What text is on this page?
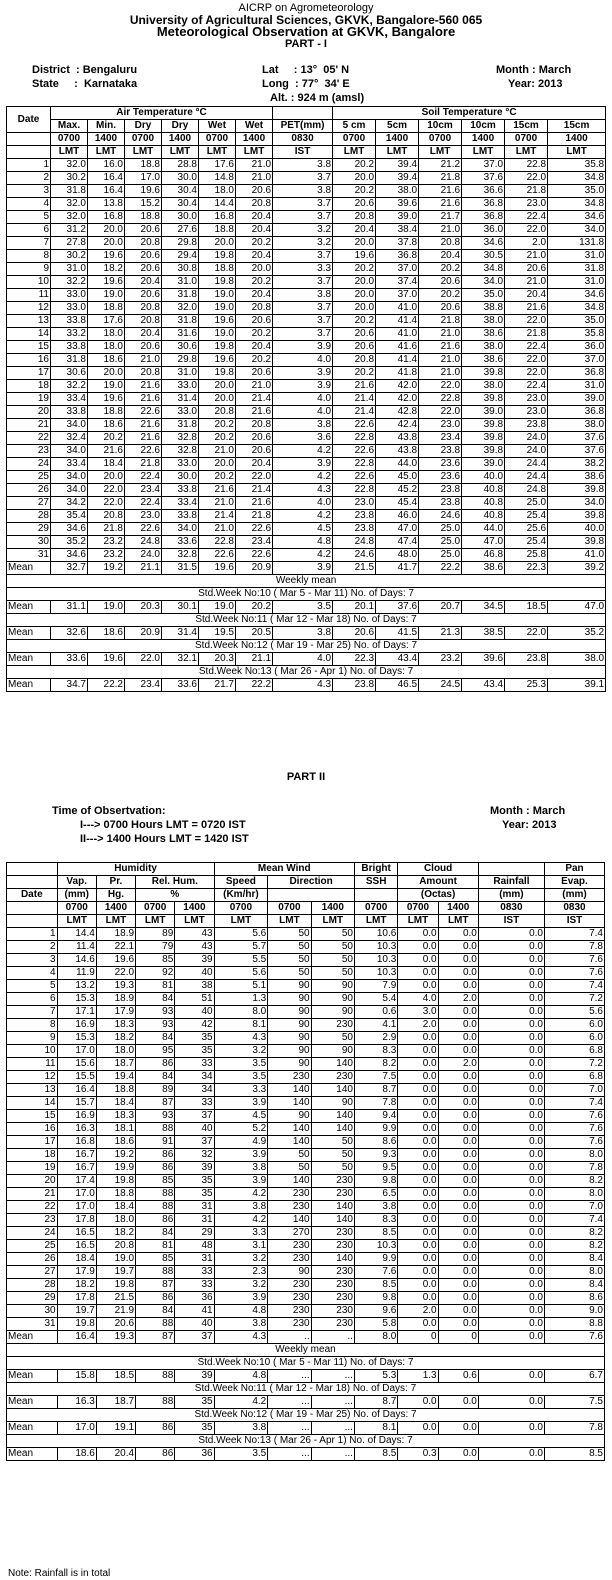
AICRP on Agrometeorology
University of Agricultural Sciences, GKVK, Bangalore-560 065
Meteorological Observation at GKVK, Bangalore
PART - I
District  : Bengaluru
State     :  Karnataka
Lat     : 13°  05' N
Long  : 77°  34' E
Alt. : 924 m (amsl)
Month : March
Year: 2013
Date	Air Temperature °C							Soil Temperature °C					
	Max.	Min.	Dry	Dry	Wet	Wet	PET(mm)	5 cm	5cm	10cm	10cm	15cm	15cm
	0700	1400	0700	1400	0700	1400	0830	0700	1400	0700	1400	0700	1400
	LMT	LMT	LMT	LMT	LMT	LMT	IST	LMT	LMT	LMT	LMT	LMT	LMT
1	32.0	16.0	18.8	28.8	17.6	21.0	3.8	20.2	39.4	21.2	37.0	22.8	35.8
2	30.2	16.4	17.0	30.0	14.8	21.0	3.7	20.0	39.4	21.8	37.6	22.0	34.8
3	31.8	16.4	19.6	30.4	18.0	20.6	3.8	20.2	38.0	21.6	36.6	21.8	35.0
4	32.0	13.8	15.2	30.4	14.4	20.8	3.7	20.6	39.6	21.6	36.8	23.0	34.8
5	32.0	16.8	18.8	30.0	16.8	20.4	3.7	20.8	39.0	21.7	36.8	22.4	34.6
6	31.2	20.0	20.6	27.6	18.8	20.4	3.2	20.4	38.4	21.0	36.0	22.0	34.0
7	27.8	20.0	20.8	29.8	20.0	20.2	3.2	20.0	37.8	20.8	34.6	2.0	131.8
8	30.2	19.6	20.6	29.4	19.8	20.4	3.7	19.6	36.8	20.4	30.5	21.0	31.0
9	31.0	18.2	20.6	30.8	18.8	20.0	3.3	20.2	37.0	20.2	34.8	20.6	31.8
10	32.2	19.6	20.4	31.0	19.8	20.2	3.7	20.0	37.4	20.6	34.0	21.0	31.0
11	33.0	19.0	20.6	31.8	19.0	20.4	3.8	20.0	37.0	20.2	35.0	20.4	34.6
12	33.0	18.8	20.8	32.0	19.0	20.8	3.7	20.0	41.0	20.6	38.8	21.6	34.8
13	33.8	17.6	20.8	31.8	19.6	20.6	3.7	20.2	41.4	21.8	38.0	22.0	35.0
14	33.2	18.0	20.4	31.6	19.0	20.2	3.7	20.6	41.0	21.0	38.6	21.8	35.8
15	33.8	18.0	20.6	30.6	19.8	20.4	3.9	20.6	41.6	21.6	38.0	22.4	36.0
16	31.8	18.6	21.0	29.8	19.6	20.2	4.0	20.8	41.4	21.0	38.6	22.0	37.0
17	30.6	20.0	20.8	31.0	19.8	20.6	3.9	20.2	41.8	21.0	39.8	22.0	36.8
18	32.2	19.0	21.6	33.0	20.0	21.0	3.9	21.6	42.0	22.0	38.0	22.4	31.0
19	33.4	19.6	21.6	31.4	20.0	21.4	4.0	21.4	42.0	22.8	39.8	23.0	39.0
20	33.8	18.8	22.6	33.0	20.8	21.6	4.0	21.4	42.8	22.0	39.0	23.0	36.8
21	34.0	18.6	21.6	31.8	20.2	20.8	3.8	22.6	42.4	23.0	39.8	23.8	38.0
22	32.4	20.2	21.6	32.8	20.2	20.6	3.6	22.8	43.8	23.4	39.8	24.0	37.6
23	34.0	21.6	22.6	32.8	21.0	20.6	4.2	22.6	43.8	23.8	39.8	24.0	37.6
24	33.4	18.4	21.8	33.0	20.0	20.4	3.9	22.8	44.0	23.6	39.0	24.4	38.2
25	34.0	20.0	22.4	30.0	20.2	22.0	4.2	22.6	45.0	23.6	40.0	24.4	38.6
26	34.0	22.0	23.4	33.8	21.6	21.4	4.3	22.8	45.2	23.8	40.8	24.8	39.8
27	34.2	22.0	22.4	33.4	21.0	21.6	4.0	23.0	45.4	23.8	40.8	25.0	34.0
28	35.4	20.8	23.0	33.8	21.4	21.8	4.2	23.8	46.0	24.6	40.8	25.4	39.8
29	34.6	21.8	22.6	34.0	21.0	22.6	4.5	23.8	47.0	25.0	44.0	25.6	40.0
30	35.2	23.2	24.8	33.6	22.8	23.4	4.8	24.8	47.4	25.0	47.0	25.4	39.8
31	34.6	23.2	24.0	32.8	22.6	22.6	4.2	24.6	48.0	25.0	46.8	25.8	41.0
Mean	32.7	19.2	21.1	31.5	19.6	20.9	3.9	21.5	41.7	22.2	38.6	22.3	39.2
Weekly mean													
Std.Week No:10 ( Mar 5 - Mar 11) No. of Days: 7													
Mean	31.1	19.0	20.3	30.1	19.0	20.2	3.5	20.1	37.6	20.7	34.5	18.5	47.0
Std.Week No:11 ( Mar 12 - Mar 18) No. of Days: 7													
Mean	32.6	18.6	20.9	31.4	19.5	20.5	3.8	20.6	41.5	21.3	38.5	22.0	35.2
Std.Week No:12 ( Mar 19 - Mar 25) No. of Days: 7													
Mean	33.6	19.6	22.0	32.1	20.3	21.1	4.0	22.3	43.4	23.2	39.6	23.8	38.0
Std.Week No:13 ( Mar 26 - Apr 1) No. of Days: 7													
Mean	34.7	22.2	23.4	33.6	21.7	22.2	4.3	23.8	46.5	24.5	43.4	25.3	39.1
PART II
Time of Obsertvation:
I---> 0700 Hours LMT = 0720 IST
II---> 1400 Hours LMT = 1420 IST
Month : March
Year: 2013
	Humidity				Mean Wind			Bright	Cloud			Pan
	Vap.	Pr.	Rel. Hum.		Speed	Direction		SSH	Amount		Rainfall	Evap.
Date	(mm)	Hg.	%		(Km/hr)				(Octas)		(mm)	(mm)
	0700	1400	0700	1400	0700	0700	1400	0700	0700	1400	0830	0830
	LMT	LMT	LMT	LMT	LMT	LMT	LMT	LMT	LMT	LMT	IST	IST
1	14.4	18.9	89	43	5.6	50	50	10.6	0.0	0.0	0.0	7.4
2	11.4	22.1	79	43	5.7	50	50	10.3	0.0	0.0	0.0	7.8
3	14.6	19.6	85	39	5.5	50	50	10.3	0.0	0.0	0.0	7.6
4	11.9	22.0	92	40	5.6	50	50	10.3	0.0	0.0	0.0	7.6
5	13.2	19.3	81	38	5.1	90	90	7.9	0.0	0.0	0.0	7.4
6	15.3	18.9	84	51	1.3	90	90	5.4	4.0	2.0	0.0	7.2
7	17.1	17.9	93	40	8.0	90	90	0.6	3.0	0.0	0.0	5.6
8	16.9	18.3	93	42	8.1	90	230	4.1	2.0	0.0	0.0	6.0
9	15.3	18.2	84	35	4.3	90	50	2.9	0.0	0.0	0.0	6.0
10	17.0	18.0	95	35	3.2	90	90	8.3	0.0	0.0	0.0	6.8
11	15.6	18.7	86	33	3.5	90	140	8.2	0.0	2.0	0.0	7.2
12	15.5	19.4	84	34	3.5	230	230	7.5	0.0	0.0	0.0	6.8
13	16.4	18.8	89	34	3.3	140	140	8.7	0.0	0.0	0.0	7.0
14	15.7	18.4	87	33	3.9	140	90	7.8	0.0	0.0	0.0	7.4
15	16.9	18.3	93	37	4.5	90	140	9.4	0.0	0.0	0.0	7.6
16	16.3	18.1	88	40	5.2	140	140	9.9	0.0	0.0	0.0	7.6
17	16.8	18.6	91	37	4.9	140	50	8.6	0.0	0.0	0.0	7.6
18	16.7	19.2	86	32	3.9	50	50	9.3	0.0	0.0	0.0	8.0
19	16.7	19.9	86	39	3.8	50	50	9.5	0.0	0.0	0.0	7.8
20	17.4	19.8	85	35	3.9	140	230	9.8	0.0	0.0	0.0	8.2
21	17.0	18.8	88	35	4.2	230	230	6.5	0.0	0.0	0.0	8.0
22	17.0	18.4	88	31	3.8	230	140	3.8	0.0	0.0	0.0	7.0
23	17.8	18.0	86	31	4.2	140	140	8.3	0.0	0.0	0.0	7.4
24	16.5	18.2	84	29	3.3	270	230	8.5	0.0	0.0	0.0	8.2
25	16.5	20.8	81	48	3.1	230	230	10.3	0.0	0.0	0.0	8.2
26	18.4	19.0	85	31	3.2	230	140	9.9	0.0	0.0	0.0	8.4
27	17.9	19.7	88	33	2.3	90	230	7.6	0.0	0.0	0.0	8.0
28	18.2	19.8	87	33	3.2	230	230	8.5	0.0	0.0	0.0	8.4
29	17.8	21.5	86	36	3.9	230	230	9.8	0.0	0.0	0.0	8.6
30	19.7	21.9	84	41	4.8	230	230	9.6	2.0	0.0	0.0	9.0
31	19.8	20.6	88	40	3.8	230	230	5.8	0.0	0.0	0.0	8.8
Mean	16.4	19.3	87	37	4.3	..	..	8.0	0	0	0.0	7.6
Weekly mean												
Std.Week No:10 ( Mar 5 - Mar 11) No. of Days: 7												
Mean	15.8	18.5	88	39	4.8	...	...	5.3	1.3	0.6	0.0	6.7
Std.Week No:11 ( Mar 12 - Mar 18) No. of Days: 7												
Mean	16.3	18.7	88	35	4.2	...	...	8.7	0.0	0.0	0.0	7.5
Std.Week No:12 ( Mar 19 - Mar 25) No. of Days: 7												
Mean	17.0	19.1	86	35	3.8	...	...	8.1	0.0	0.0	0.0	7.8
Std.Week No:13 ( Mar 26 - Apr 1) No. of Days: 7												
Mean	18.6	20.4	86	36	3.5	...	...	8.5	0.3	0.0	0.0	8.5
Note: Rainfall is in total
